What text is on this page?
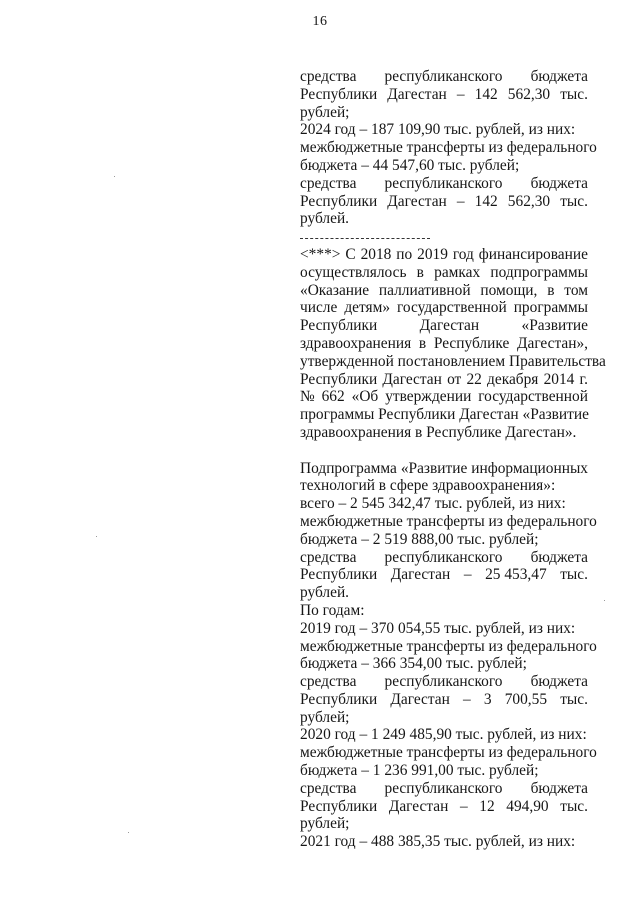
16
средства республиканского бюджета
Республики Дагестан – 142 562,30 тыс.
рублей;
2024 год – 187 109,90 тыс. рублей, из них:
межбюджетные трансферты из федерального
бюджета – 44 547,60 тыс. рублей;
средства республиканского бюджета
Республики Дагестан – 142 562,30 тыс.
рублей.
<***> С 2018 по 2019 год финансирование
осуществлялось в рамках подпрограммы
«Оказание паллиативной помощи, в том
числе детям» государственной программы
Республики	Дагестан	«Развитие
здравоохранения в Республике Дагестан»,
утвержденной постановлением Правительства
Республики Дагестан от 22 декабря 2014 г.
№ 662 «Об утверждении государственной
программы Республики Дагестан «Развитие
здравоохранения в Республике Дагестан».
Подпрограмма «Развитие информационных
технологий в сфере здравоохранения»:
всего – 2 545 342,47 тыс. рублей, из них:
межбюджетные трансферты из федерального
бюджета – 2 519 888,00 тыс. рублей;
средства республиканского бюджета
Республики Дагестан – 25 453,47 тыс.
рублей.
По годам:
2019 год – 370 054,55 тыс. рублей, из них:
межбюджетные трансферты из федерального
бюджета – 366 354,00 тыс. рублей;
средства республиканского бюджета
Республики Дагестан – 3 700,55 тыс.
рублей;
2020 год – 1 249 485,90 тыс. рублей, из них:
межбюджетные трансферты из федерального
бюджета – 1 236 991,00 тыс. рублей;
средства республиканского бюджета
Республики Дагестан – 12 494,90 тыс.
рублей;
2021 год – 488 385,35 тыс. рублей, из них:
